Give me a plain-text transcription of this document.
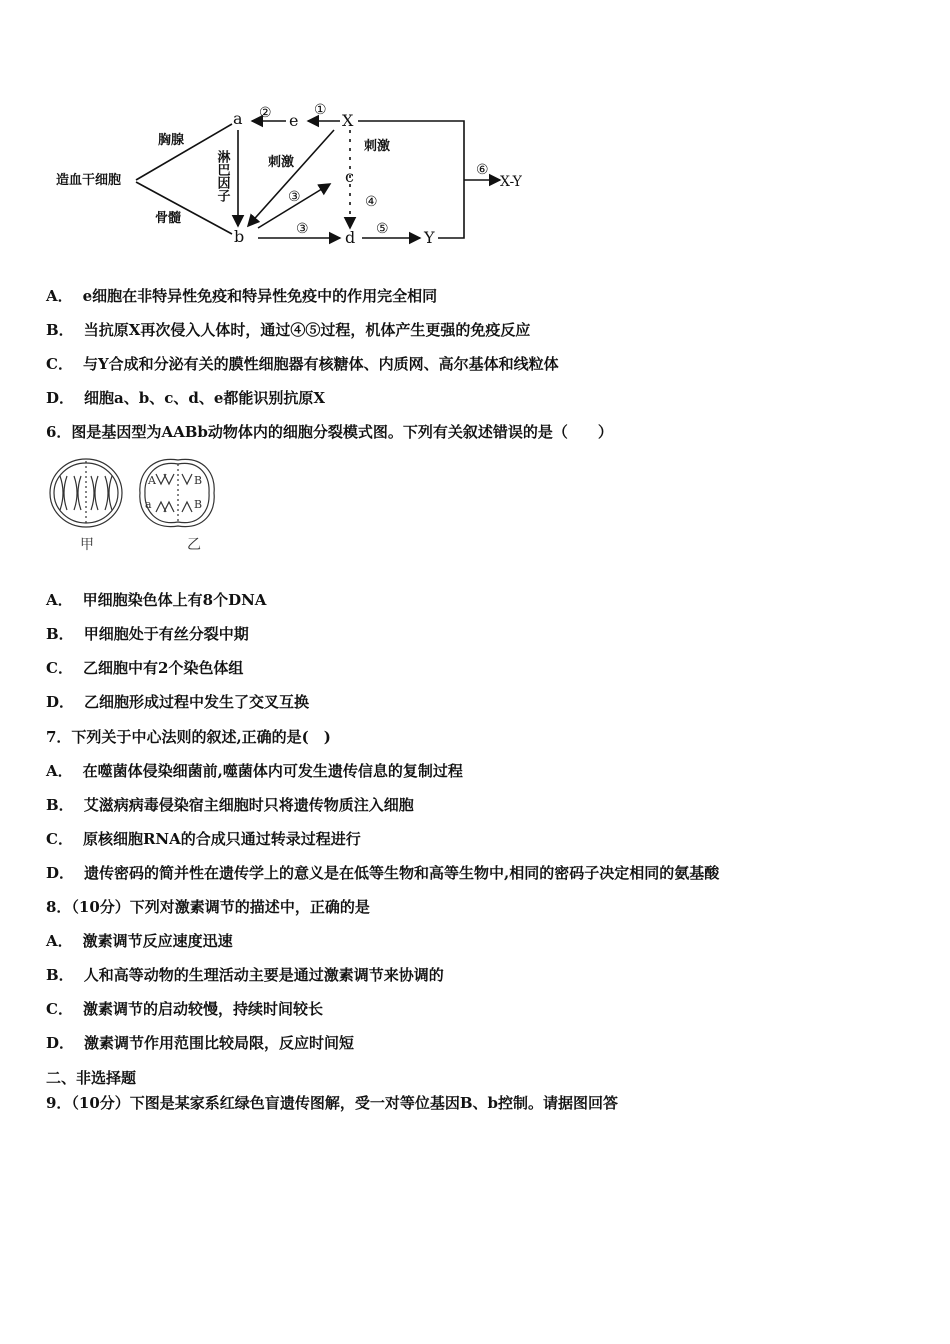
造血干细胞
胸腺
骨髓
刺激
刺激
淋巴因子
a
b
c
d
e	X
Y
X-Y
①
②
③
③
④
⑤
⑥
A． e细胞在非特异性免疫和特异性免疫中的作用完全相同
B． 当抗原X再次侵入人体时，通过④⑤过程，机体产生更强的免疫反应
C． 与Y合成和分泌有关的膜性细胞器有核糖体、内质网、高尔基体和线粒体
D． 细胞a、b、c、d、e都能识别抗原X
6．图是基因型为AABb动物体内的细胞分裂模式图。下列有关叙述错误的是（　　）
A
a
B
B
甲	乙
A． 甲细胞染色体上有8个DNA
B． 甲细胞处于有丝分裂中期
C． 乙细胞中有2个染色体组
D． 乙细胞形成过程中发生了交叉互换
7．下列关于中心法则的叙述,正确的是(　)
A． 在噬菌体侵染细菌前,噬菌体内可发生遗传信息的复制过程
B． 艾滋病病毒侵染宿主细胞时只将遗传物质注入细胞
C． 原核细胞RNA的合成只通过转录过程进行
D． 遗传密码的简并性在遗传学上的意义是在低等生物和高等生物中,相同的密码子决定相同的氨基酸
8．（10分）下列对激素调节的描述中，正确的是
A． 激素调节反应速度迅速
B． 人和高等动物的生理活动主要是通过激素调节来协调的
C． 激素调节的启动较慢，持续时间较长
D． 激素调节作用范围比较局限，反应时间短
二、非选择题
9．（10分）下图是某家系红绿色盲遗传图解，受一对等位基因B、b控制。请据图回答
